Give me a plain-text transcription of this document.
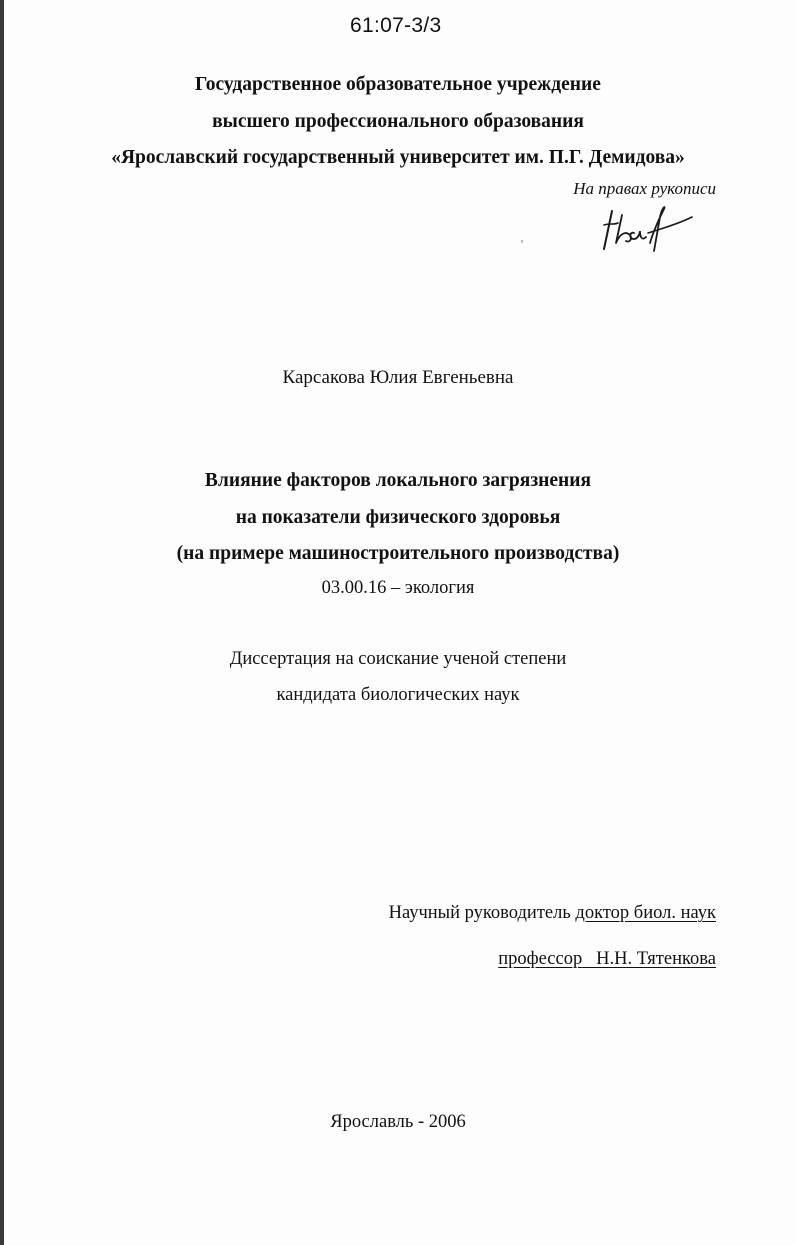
61:07-3/3
Государственное образовательное учреждение
высшего профессионального образования
«Ярославский государственный университет им. П.Г. Демидова»
На правах рукописи
Карсакова Юлия Евгеньевна
Влияние факторов локального загрязнения
на показатели физического здоровья
(на примере машиностроительного производства)
03.00.16 – экология
Диссертация на соискание ученой степени
кандидата биологических наук
Научный руководитель доктор биол. наук
профессор Н.Н. Тятенкова
Ярославль - 2006
